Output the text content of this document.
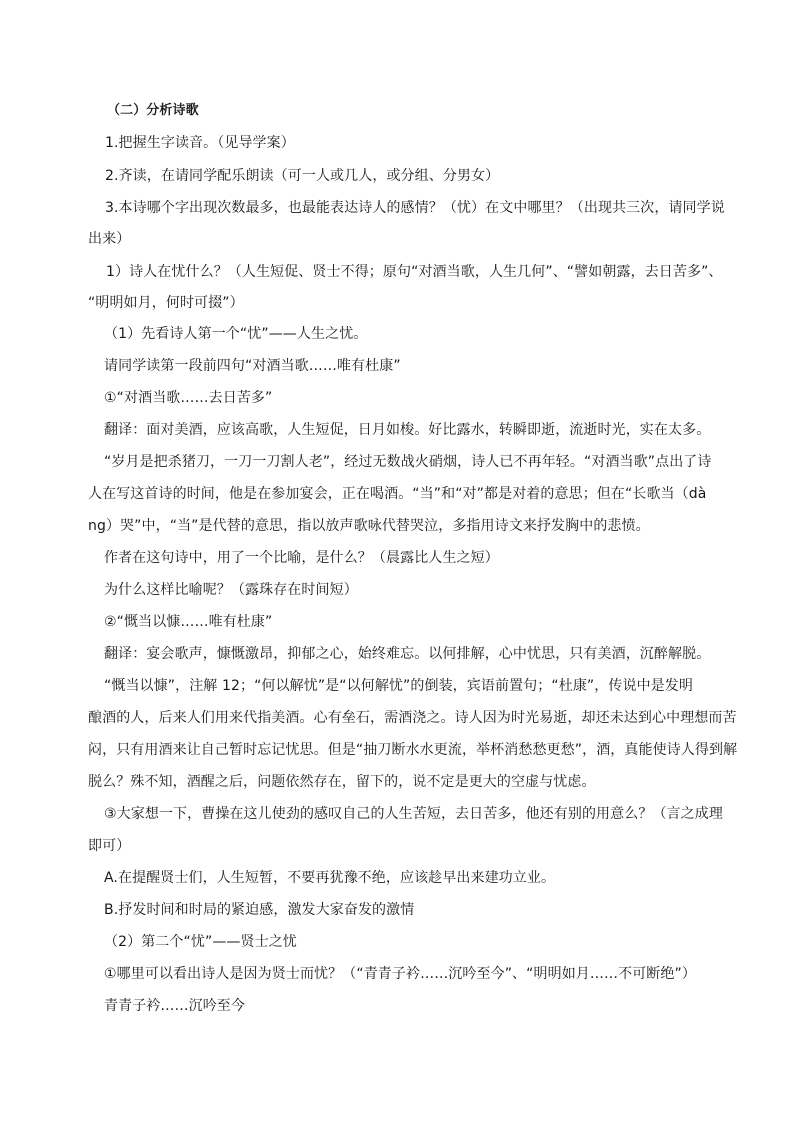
（二）分析诗歌
1.把握生字读音。（见导学案）
2.齐读，在请同学配乐朗读（可一人或几人，或分组、分男女）
3.本诗哪个字出现次数最多，也最能表达诗人的感情？（忧）在文中哪里？（出现共三次，请同学说
出来）
1）诗人在忧什么？（人生短促、贤士不得；原句“对酒当歌，人生几何”、“譬如朝露，去日苦多”、
“明明如月，何时可掇”）
（1）先看诗人第一个“忧”——人生之忧。
请同学读第一段前四句“对酒当歌……唯有杜康”
①“对酒当歌……去日苦多”
翻译：面对美酒，应该高歌，人生短促，日月如梭。好比露水，转瞬即逝，流逝时光，实在太多。
“岁月是把杀猪刀，一刀一刀割人老”，经过无数战火硝烟，诗人已不再年轻。“对酒当歌”点出了诗
人在写这首诗的时间，他是在参加宴会，正在喝酒。“当”和“对”都是对着的意思；但在“长歌当（dà
ng）哭”中，“当”是代替的意思，指以放声歌咏代替哭泣，多指用诗文来抒发胸中的悲愤。
作者在这句诗中，用了一个比喻，是什么？（晨露比人生之短）
为什么这样比喻呢？（露珠存在时间短）
②“慨当以慷……唯有杜康”
翻译：宴会歌声，慷慨激昂，抑郁之心，始终难忘。以何排解，心中忧思，只有美酒，沉醉解脱。
“慨当以慷”，注解 12；“何以解忧”是“以何解忧”的倒装，宾语前置句；“杜康”，传说中是发明
酿酒的人，后来人们用来代指美酒。心有垒石，需酒浇之。诗人因为时光易逝，却还未达到心中理想而苦
闷，只有用酒来让自己暂时忘记忧思。但是“抽刀断水水更流，举杯消愁愁更愁”，酒，真能使诗人得到解
脱么？殊不知，酒醒之后，问题依然存在，留下的，说不定是更大的空虚与忧虑。
③大家想一下，曹操在这儿使劲的感叹自己的人生苦短，去日苦多，他还有别的用意么？（言之成理
即可）
A.在提醒贤士们，人生短暂，不要再犹豫不绝，应该趁早出来建功立业。
B.抒发时间和时局的紧迫感，激发大家奋发的激情
（2）第二个“忧”——贤士之忧
①哪里可以看出诗人是因为贤士而忧？（“青青子衿……沉吟至今”、“明明如月……不可断绝”）
青青子衿……沉吟至今
